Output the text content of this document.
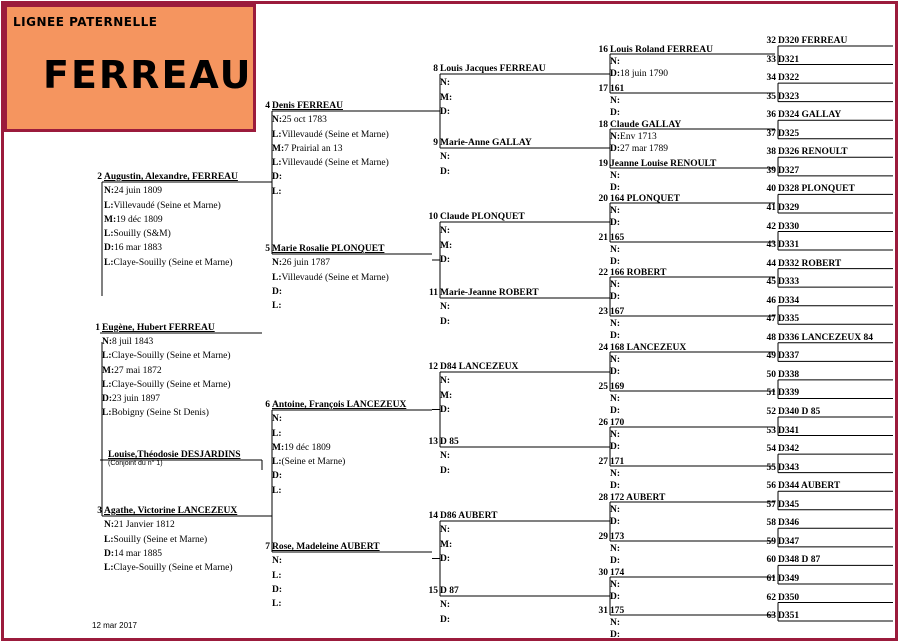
LIGNEE PATERNELLE
FERREAU
1 Eugène, Hubert FERREAU
N:8 juil 1843
L:Claye-Souilly (Seine et Marne)
M:27 mai 1872
L:Claye-Souilly (Seine et Marne)
D:23 juin 1897
L:Bobigny (Seine St Denis)
2 Augustin, Alexandre, FERREAU
N:24 juin 1809
L:Villevaudé (Seine et Marne)
M:19 déc 1809
L:Souilly (S&M)
D:16 mar 1883
L:Claye-Souilly (Seine et Marne)
3 Agathe, Victorine LANCEZEUX
N:21 Janvier 1812
L:Souilly (Seine et Marne)
D:14 mar 1885
L:Claye-Souilly (Seine et Marne)
4 Denis FERREAU
N:25 oct 1783
L:Villevaudé (Seine et Marne)
M:7 Prairial an 13
L:Villevaudé (Seine et Marne)
D:
L:
5 Marie Rosalie PLONQUET
N:26 juin 1787
L:Villevaudé (Seine et Marne)
D:
L:
6 Antoine, François LANCEZEUX
N:
L:
M:19 déc 1809
L:(Seine et Marne)
D:
L:
7 Rose, Madeleine AUBERT
N:
L:
D:
L:
8 Louis Jacques FERREAU
N:
M:
D:
9 Marie-Anne GALLAY
N:
D:
10 Claude PLONQUET
N:
M:
D:
11 Marie-Jeanne ROBERT
N:
D:
12 D84 LANCEZEUX
N:
M:
D:
13 D 85
N:
D:
14 D86 AUBERT
N:
M:
D:
15 D 87
N:
D:
16 Louis Roland FERREAU
N:
D:18 juin 1790
17 161
N:
D:
18 Claude GALLAY
N:Env 1713
D:27 mar 1789
19 Jeanne Louise RENOULT
N:
D:
20 164 PLONQUET
N:
D:
21 165
N:
D:
22 166 ROBERT
N:
D:
23 167
N:
D:
24 168 LANCEZEUX
N:
D:
25 169
N:
D:
26 170
N:
D:
27 171
N:
D:
28 172 AUBERT
N:
D:
29 173
N:
D:
30 174
N:
D:
31 175
N:
D:
32 D320 FERREAU
33 D321
34 D322
35 D323
36 D324 GALLAY
37 D325
38 D326 RENOULT
39 D327
40 D328 PLONQUET
41 D329
42 D330
43 D331
44 D332 ROBERT
45 D333
46 D334
47 D335
48 D336 LANCEZEUX 84
49 D337
50 D338
51 D339
52 D340 D 85
53 D341
54 D342
55 D343
56 D344 AUBERT
57 D345
58 D346
59 D347
60 D348 D 87
61 D349
62 D350
63 D351
Louise,Théodosie DESJARDINS
(Conjoint du n° 1)
12 mar 2017
